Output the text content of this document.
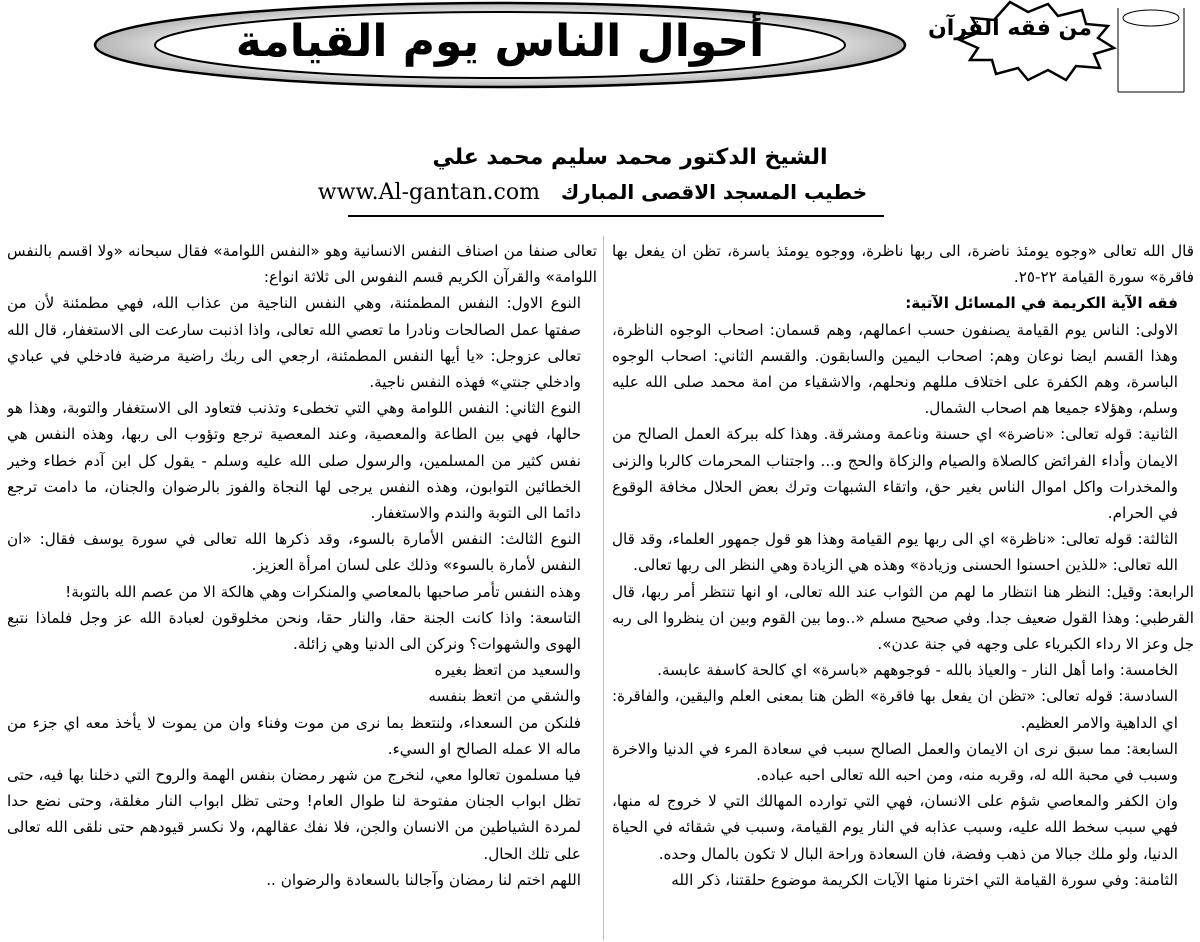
أحوال الناس يوم القيامة	من فقه القرآن
الشيخ الدكتور محمد سليم محمد علي
www.Al-gantan.com خطيب المسجد الاقصى المبارك

قال الله تعالى «وجوه يومئذ ناضرة، الى ربها ناظرة، ووجوه يومئذ باسرة، تظن ان يفعل بها فاقرة» سورة القيامة ٢٢-٢٥.

فقه الآية الكريمة في المسائل الآتية:

الاولى: الناس يوم القيامة يصنفون حسب اعمالهم، وهم قسمان: اصحاب الوجوه الناظرة، وهذا القسم ايضا نوعان وهم: اصحاب اليمين والسابقون. والقسم الثاني: اصحاب الوجوه الباسرة، وهم الكفرة على اختلاف مللهم ونحلهم، والاشقياء من امة محمد صلى الله عليه وسلم، وهؤلاء جميعا هم اصحاب الشمال.

الثانية: قوله تعالى: «ناضرة» اي حسنة وناعمة ومشرقة. وهذا كله ببركة العمل الصالح من الايمان وأداء الفرائض كالصلاة والصيام والزكاة والحج و... واجتناب المحرمات كالربا والزنى والمخدرات واكل اموال الناس بغير حق، واتقاء الشبهات وترك بعض الحلال مخافة الوقوع في الحرام.

الثالثة: قوله تعالى: «ناظرة» اي الى ربها يوم القيامة وهذا هو قول جمهور العلماء، وقد قال الله تعالى: «للذين احسنوا الحسنى وزيادة» وهذه هي الزيادة وهي النظر الى ربها تعالى.

الرابعة: وقيل: النظر هنا انتظار ما لهم من الثواب عند الله تعالى، او انها تنتظر أمر ربها، قال القرطبي: وهذا القول ضعيف جدا. وفي صحيح مسلم «..وما بين القوم وبين ان ينظروا الى ربه جل وعز الا رداء الكبرياء على وجهه في جنة عدن».

الخامسة: واما أهل النار - والعياذ بالله - فوجوههم «باسرة» اي كالحة كاسفة عابسة.

السادسة: قوله تعالى: «تظن ان يفعل بها فاقرة» الظن هنا بمعنى العلم واليقين، والفاقرة: اي الداهية والامر العظيم.

السابعة: مما سبق نرى ان الايمان والعمل الصالح سبب في سعادة المرء في الدنيا والاخرة وسبب في محبة الله له، وقربه منه، ومن احبه الله تعالى احبه عباده.

وان الكفر والمعاصي شؤم على الانسان، فهي التي توارده المهالك التي لا خروج له منها، فهي سبب سخط الله عليه، وسبب عذابه في النار يوم القيامة، وسبب في شقائه في الحياة الدنيا، ولو ملك جبالا من ذهب وفضة، فان السعادة وراحة البال لا تكون بالمال وحده.

الثامنة: وفي سورة القيامة التي اخترنا منها الآيات الكريمة موضوع حلقتنا، ذكر الله

تعالى صنفا من اصناف النفس الانسانية وهو «النفس اللوامة» فقال سبحانه «ولا اقسم بالنفس اللوامة» والقرآن الكريم قسم النفوس الى ثلاثة انواع:

النوع الاول: النفس المطمئنة، وهي النفس الناجية من عذاب الله، فهي مطمئنة لأن من صفتها عمل الصالحات ونادرا ما تعصي الله تعالى، واذا اذنبت سارعت الى الاستغفار، قال الله تعالى عزوجل: «يا أيها النفس المطمئنة، ارجعي الى ربك راضية مرضية فادخلي في عبادي وادخلي جنتي» فهذه النفس ناجية.

النوع الثاني: النفس اللوامة وهي التي تخطىء وتذنب فتعاود الى الاستغفار والتوبة، وهذا هو حالها، فهي بين الطاعة والمعصية، وعند المعصية ترجع وتؤوب الى ربها، وهذه النفس هي نفس كثير من المسلمين، والرسول صلى الله عليه وسلم - يقول كل ابن آدم خطاء وخير الخطائين التوابون، وهذه النفس يرجى لها النجاة والفوز بالرضوان والجنان، ما دامت ترجع دائما الى التوبة والندم والاستغفار.

النوع الثالث: النفس الأمارة بالسوء، وقد ذكرها الله تعالى في سورة يوسف فقال: «ان النفس لأمارة بالسوء» وذلك على لسان امرأة العزيز.

وهذه النفس تأمر صاحبها بالمعاصي والمنكرات وهي هالكة الا من عصم الله بالتوبة!

التاسعة: واذا كانت الجنة حقا، والنار حقا، ونحن مخلوقون لعبادة الله عز وجل فلماذا نتبع الهوى والشهوات؟ ونركن الى الدنيا وهي زائلة.

والسعيد من اتعظ بغيره

والشقي من اتعظ بنفسه

فلنكن من السعداء، ولنتعظ بما نرى من موت وفناء وان من يموت لا يأخذ معه اي جزء من ماله الا عمله الصالح او السيء.

فيا مسلمون تعالوا معي، لنخرج من شهر رمضان بنفس الهمة والروح التي دخلنا بها فيه، حتى تظل ابواب الجنان مفتوحة لنا طوال العام! وحتى تظل ابواب النار مغلقة، وحتى نضع حدا لمردة الشياطين من الانسان والجن، فلا نفك عقالهم، ولا نكسر قيودهم حتى نلقى الله تعالى على تلك الحال.

اللهم اختم لنا رمضان وآجالنا بالسعادة والرضوان ..
